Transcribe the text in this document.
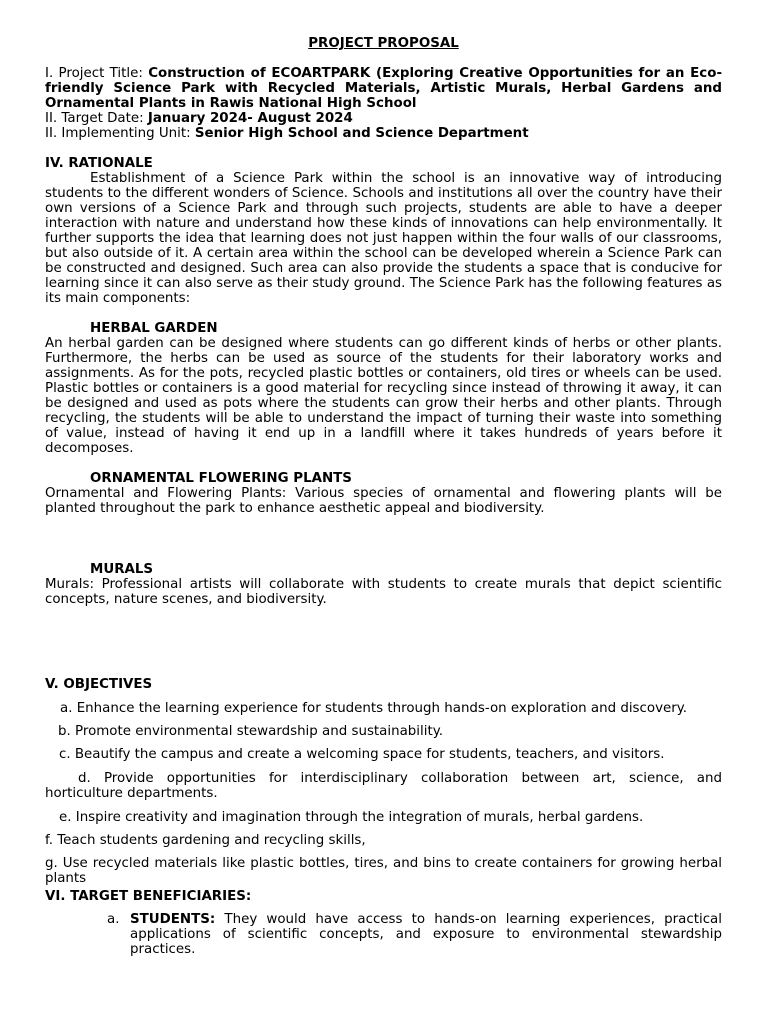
PROJECT PROPOSAL

I. Project Title: Construction of ECOARTPARK (Exploring Creative Opportunities for an Eco-friendly Science Park with Recycled Materials, Artistic Murals, Herbal Gardens and Ornamental Plants in Rawis National High School

II. Target Date: January 2024- August 2024

II. Implementing Unit: Senior High School and Science Department

IV. RATIONALE

Establishment of a Science Park within the school is an innovative way of introducing students to the different wonders of Science. Schools and institutions all over the country have their own versions of a Science Park and through such projects, students are able to have a deeper interaction with nature and understand how these kinds of innovations can help environmentally. It further supports the idea that learning does not just happen within the four walls of our classrooms, but also outside of it. A certain area within the school can be developed wherein a Science Park can be constructed and designed. Such area can also provide the students a space that is conducive for learning since it can also serve as their study ground. The Science Park has the following features as its main components:

HERBAL GARDEN

An herbal garden can be designed where students can go different kinds of herbs or other plants. Furthermore, the herbs can be used as source of the students for their laboratory works and assignments. As for the pots, recycled plastic bottles or containers, old tires or wheels can be used. Plastic bottles or containers is a good material for recycling since instead of throwing it away, it can be designed and used as pots where the students can grow their herbs and other plants. Through recycling, the students will be able to understand the impact of turning their waste into something of value, instead of having it end up in a landfill where it takes hundreds of years before it decomposes.

ORNAMENTAL FLOWERING PLANTS

Ornamental and Flowering Plants: Various species of ornamental and flowering plants will be planted throughout the park to enhance aesthetic appeal and biodiversity.

MURALS

Murals: Professional artists will collaborate with students to create murals that depict scientific concepts, nature scenes, and biodiversity.

V. OBJECTIVES

a. Enhance the learning experience for students through hands-on exploration and discovery.

b. Promote environmental stewardship and sustainability.

c. Beautify the campus and create a welcoming space for students, teachers, and visitors.

d. Provide opportunities for interdisciplinary collaboration between art, science, and horticulture departments.

e. Inspire creativity and imagination through the integration of murals, herbal gardens.

f. Teach students gardening and recycling skills,

g. Use recycled materials like plastic bottles, tires, and bins to create containers for growing herbal plants

VI. TARGET BENEFICIARIES:

a. STUDENTS: They would have access to hands-on learning experiences, practical applications of scientific concepts, and exposure to environmental stewardship practices.
